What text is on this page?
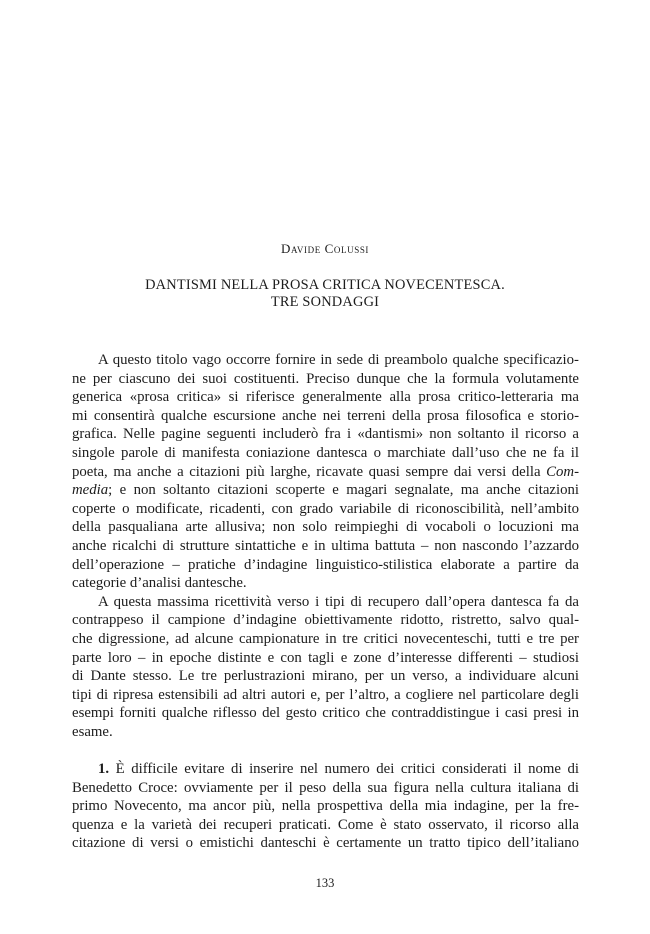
Davide Colussi
DANTISMI NELLA PROSA CRITICA NOVECENTESCA.
TRE SONDAGGI
A questo titolo vago occorre fornire in sede di preambolo qualche specificazio-
ne per ciascuno dei suoi costituenti. Preciso dunque che la formula volutamente
generica «prosa critica» si riferisce generalmente alla prosa critico-letteraria ma
mi consentirà qualche escursione anche nei terreni della prosa filosofica e storio-
grafica. Nelle pagine seguenti includerò fra i «dantismi» non soltanto il ricorso a
singole parole di manifesta coniazione dantesca o marchiate dall’uso che ne fa il
poeta, ma anche a citazioni più larghe, ricavate quasi sempre dai versi della Com-
media; e non soltanto citazioni scoperte e magari segnalate, ma anche citazioni
coperte o modificate, ricadenti, con grado variabile di riconoscibilità, nell’ambito
della pasqualiana arte allusiva; non solo reimpieghi di vocaboli o locuzioni ma
anche ricalchi di strutture sintattiche e in ultima battuta – non nascondo l’azzardo
dell’operazione – pratiche d’indagine linguistico-stilistica elaborate a partire da
categorie d’analisi dantesche.
A questa massima ricettività verso i tipi di recupero dall’opera dantesca fa da
contrappeso il campione d’indagine obiettivamente ridotto, ristretto, salvo qual-
che digressione, ad alcune campionature in tre critici novecenteschi, tutti e tre per
parte loro – in epoche distinte e con tagli e zone d’interesse differenti – studiosi
di Dante stesso. Le tre perlustrazioni mirano, per un verso, a individuare alcuni
tipi di ripresa estensibili ad altri autori e, per l’altro, a cogliere nel particolare degli
esempi forniti qualche riflesso del gesto critico che contraddistingue i casi presi in
esame.
1. È difficile evitare di inserire nel numero dei critici considerati il nome di
Benedetto Croce: ovviamente per il peso della sua figura nella cultura italiana di
primo Novecento, ma ancor più, nella prospettiva della mia indagine, per la fre-
quenza e la varietà dei recuperi praticati. Come è stato osservato, il ricorso alla
citazione di versi o emistichi danteschi è certamente un tratto tipico dell’italiano
133
